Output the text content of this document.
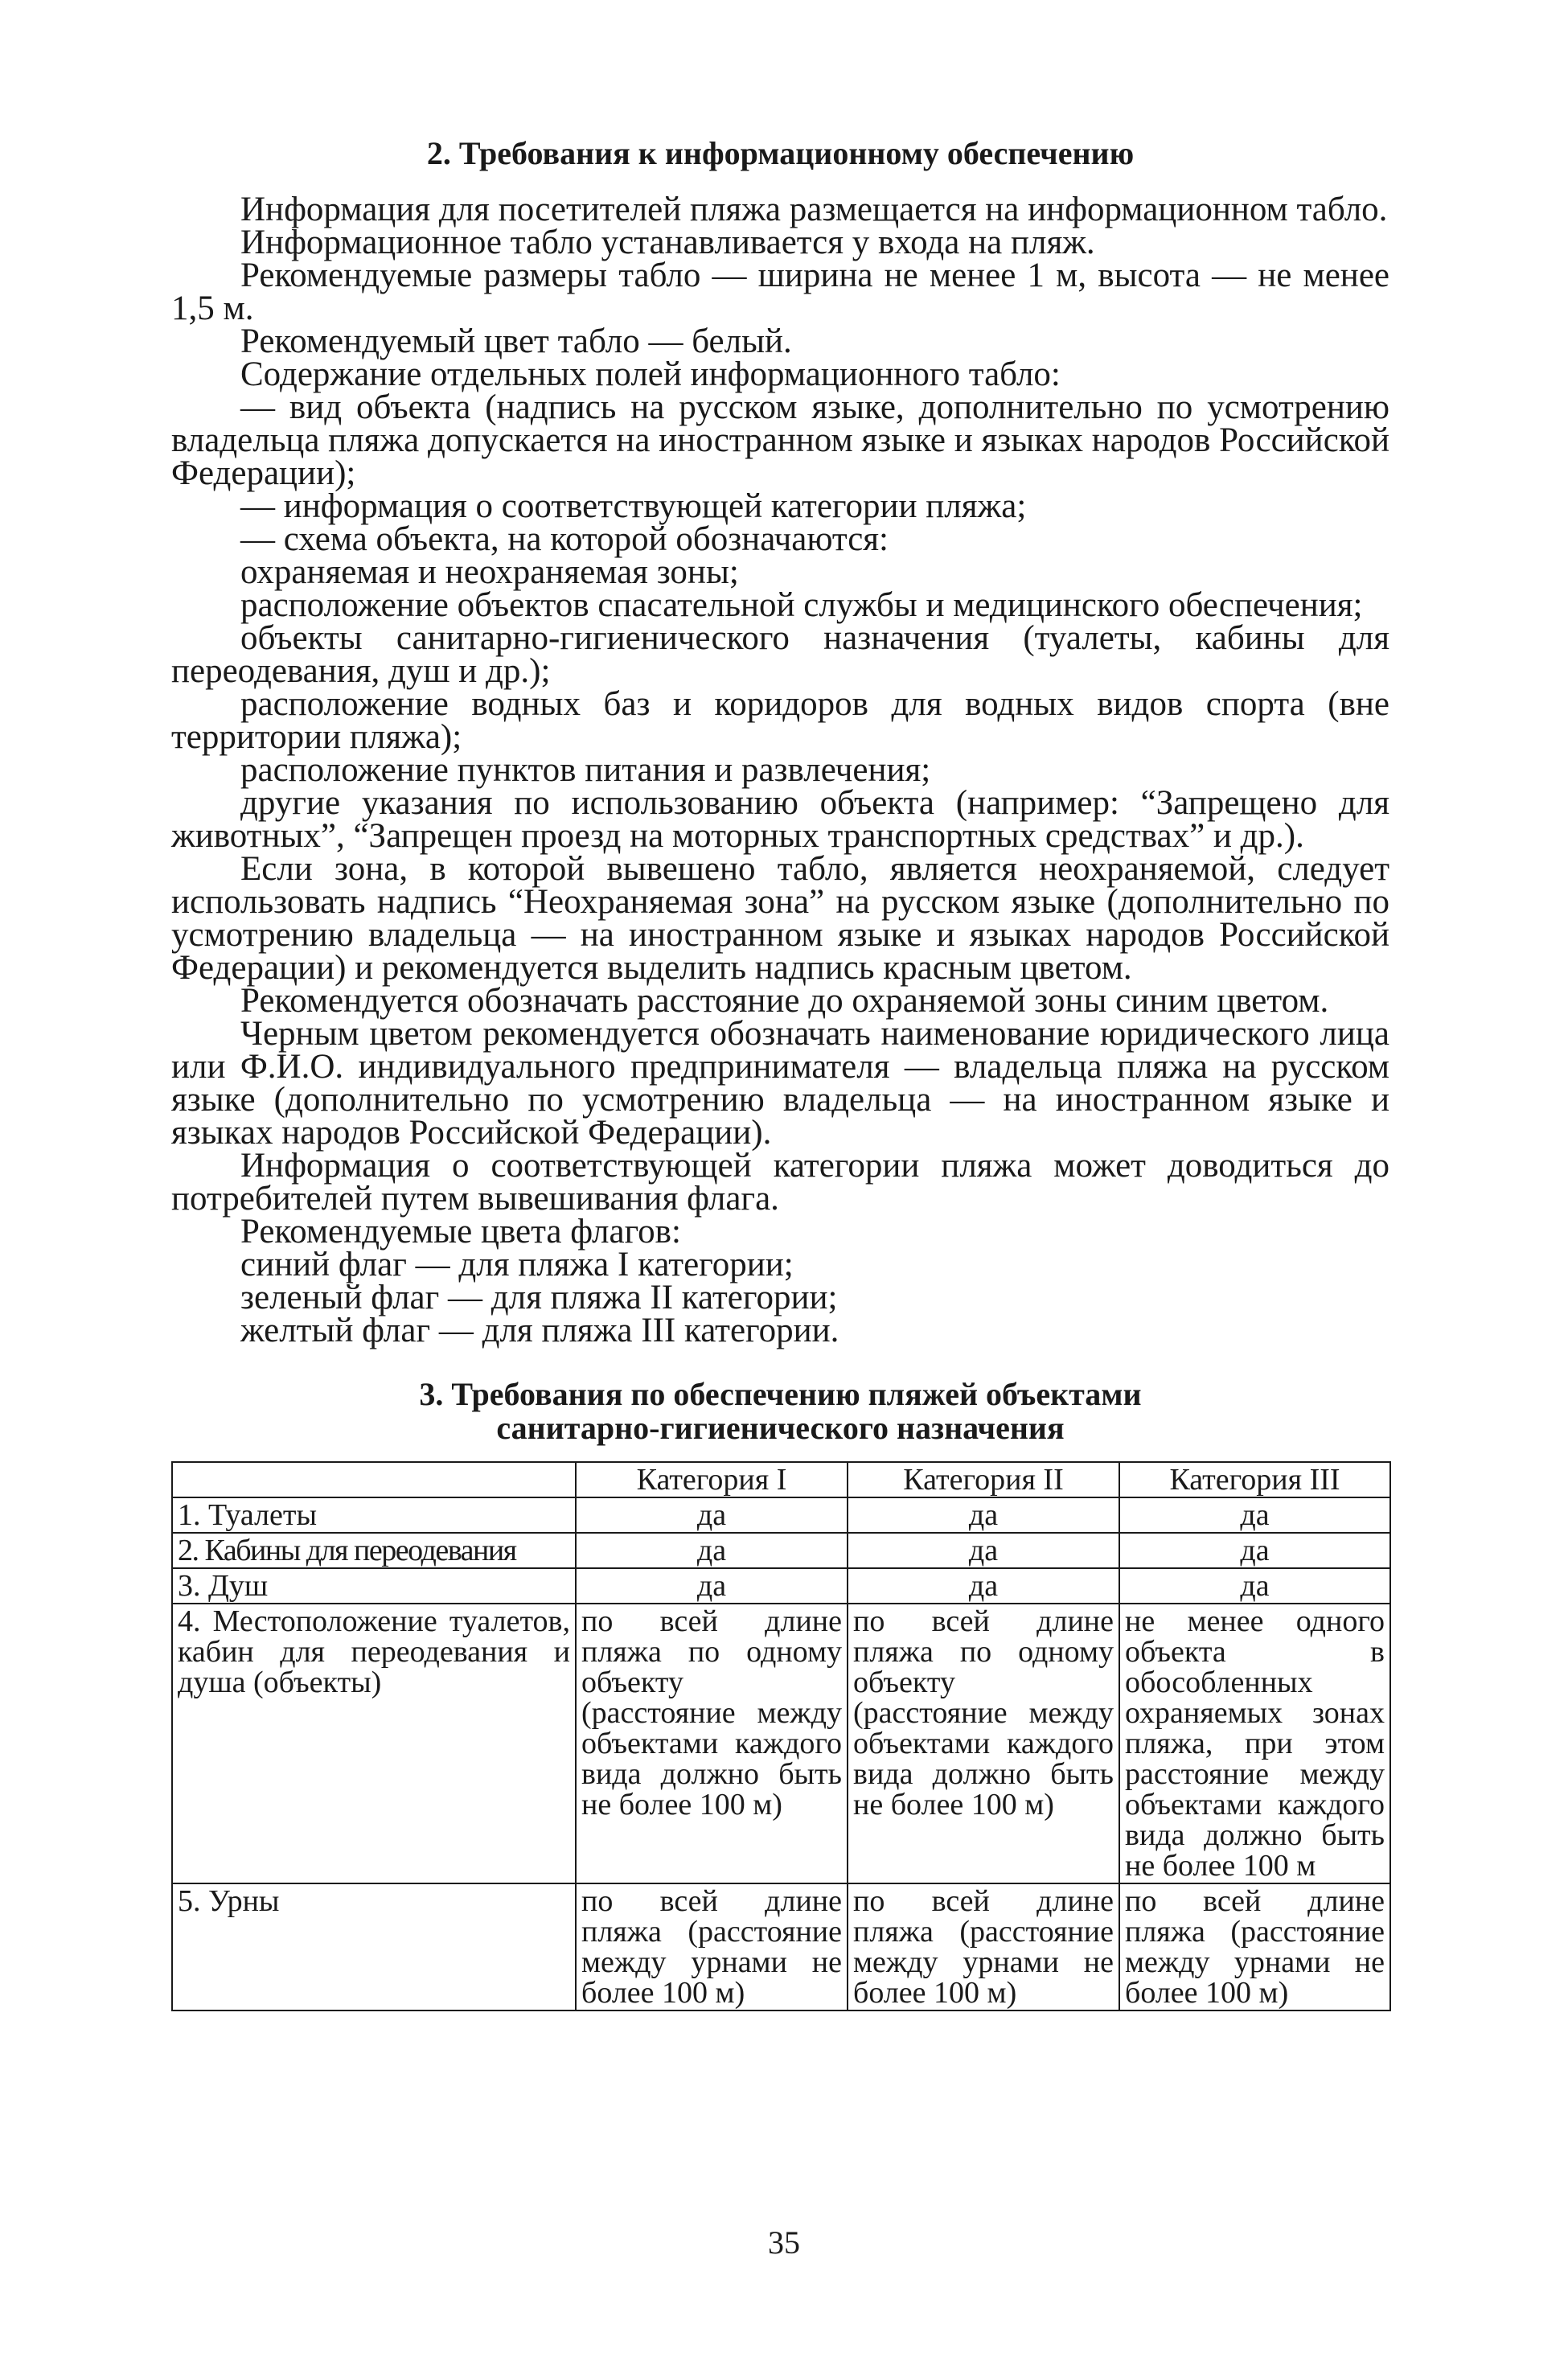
2. Требования к информационному обеспечению

Информация для посетителей пляжа размещается на информационном табло.

Информационное табло устанавливается у входа на пляж.

Рекомендуемые размеры табло — ширина не менее 1 м, высота — не менее 1,5 м.

Рекомендуемый цвет табло — белый.

Содержание отдельных полей информационного табло:

— вид объекта (надпись на русском языке, дополнительно по усмотрению владельца пляжа допускается на иностранном языке и языках народов Российской Федерации);

— информация о соответствующей категории пляжа;

— схема объекта, на которой обозначаются:

охраняемая и неохраняемая зоны;

расположение объектов спасательной службы и медицинского обеспечения;

объекты санитарно-гигиенического назначения (туалеты, кабины для переодевания, душ и др.);

расположение водных баз и коридоров для водных видов спорта (вне территории пляжа);

расположение пунктов питания и развлечения;

другие указания по использованию объекта (например: “Запрещено для животных”, “Запрещен проезд на моторных транспортных средствах” и др.).

Если зона, в которой вывешено табло, является неохраняемой, следует использовать надпись “Неохраняемая зона” на русском языке (дополнительно по усмотрению владельца — на иностранном языке и языках народов Российской Федерации) и рекомендуется выделить надпись красным цветом.

Рекомендуется обозначать расстояние до охраняемой зоны синим цветом.

Черным цветом рекомендуется обозначать наименование юридического лица или Ф.И.О. индивидуального предпринимателя — владельца пляжа на русском языке (дополнительно по усмотрению владельца — на иностранном языке и языках народов Российской Федерации).

Информация о соответствующей категории пляжа может доводиться до потребителей путем вывешивания флага.

Рекомендуемые цвета флагов:

синий флаг — для пляжа I категории;

зеленый флаг — для пляжа II категории;

желтый флаг — для пляжа III категории.

3. Требования по обеспечению пляжей объектами
санитарно-гигиенического назначения
	Категория I	Категория II	Категория III
1. Туалеты	да	да	да
2. Кабины для переодевания	да	да	да
3. Душ	да	да	да
4. Местоположение туалетов, кабин для переодевания и душа (объекты)	по всей длине пляжа по одному объекту (расстояние между объектами каждого вида должно быть не более 100 м)	по всей длине пляжа по одному объекту (расстояние между объектами каждого вида должно быть не более 100 м)	не менее одного объекта в обособленных охраняемых зонах пляжа, при этом расстояние между объектами каждого вида должно быть не более 100 м
5. Урны	по всей длине пляжа (расстояние между урнами не более 100 м)	по всей длине пляжа (расстояние между урнами не более 100 м)	по всей длине пляжа (расстояние между урнами не более 100 м)
35
